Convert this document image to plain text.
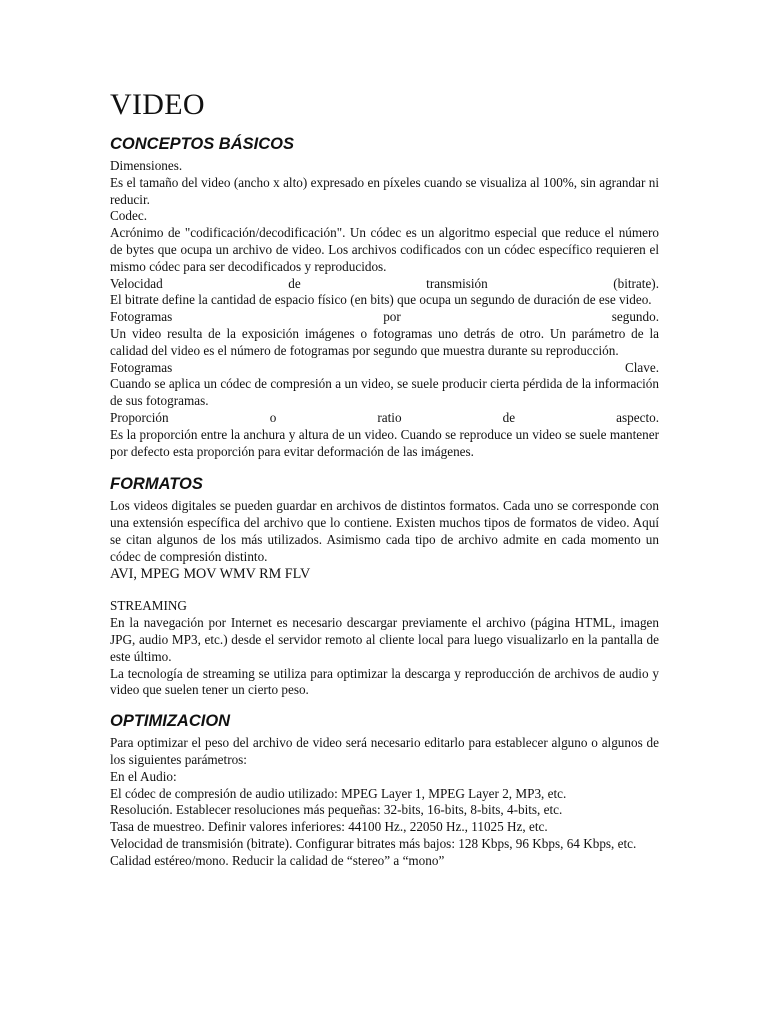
VIDEO
CONCEPTOS BÁSICOS

Dimensiones.

Es el tamaño del video (ancho x alto) expresado en píxeles cuando se visualiza al 100%, sin agrandar ni reducir.

Codec.

Acrónimo de "codificación/decodificación". Un códec es un algoritmo especial que reduce el número de bytes que ocupa un archivo de video. Los archivos codificados con un códec específico requieren el mismo códec para ser decodificados y reproducidos.

Velocidad de transmisión (bitrate).

El bitrate define la cantidad de espacio físico (en bits) que ocupa un segundo de duración de ese video.

Fotogramas por segundo.

Un video resulta de la exposición imágenes o fotogramas uno detrás de otro. Un parámetro de la calidad del video es el número de fotogramas por segundo que muestra durante su reproducción.

Fotogramas Clave.

Cuando se aplica un códec de compresión a un video, se suele producir cierta pérdida de la información de sus fotogramas.

Proporción o ratio de aspecto.

Es la proporción entre la anchura y altura de un video. Cuando se reproduce un video se suele mantener por defecto esta proporción para evitar deformación de las imágenes.

FORMATOS

Los videos digitales se pueden guardar en archivos de distintos formatos. Cada uno se corresponde con una extensión específica del archivo que lo contiene. Existen muchos tipos de formatos de video. Aquí se citan algunos de los más utilizados. Asimismo cada tipo de archivo admite en cada momento un códec de compresión distinto.

AVI, MPEG MOV WMV RM FLV

STREAMING

En la navegación por Internet es necesario descargar previamente el archivo (página HTML, imagen JPG, audio MP3, etc.) desde el servidor remoto al cliente local para luego visualizarlo en la pantalla de este último.

La tecnología de streaming se utiliza para optimizar la descarga y reproducción de archivos de audio y video que suelen tener un cierto peso.

OPTIMIZACION

Para optimizar el peso del archivo de video será necesario editarlo para establecer alguno o algunos de los siguientes parámetros:

En el Audio:

El códec de compresión de audio utilizado: MPEG Layer 1, MPEG Layer 2, MP3, etc.

Resolución. Establecer resoluciones más pequeñas: 32-bits, 16-bits, 8-bits, 4-bits, etc.

Tasa de muestreo. Definir valores inferiores: 44100 Hz., 22050 Hz., 11025 Hz, etc.

Velocidad de transmisión (bitrate). Configurar bitrates más bajos: 128 Kbps, 96 Kbps, 64 Kbps, etc.

Calidad estéreo/mono. Reducir la calidad de “stereo” a “mono”
